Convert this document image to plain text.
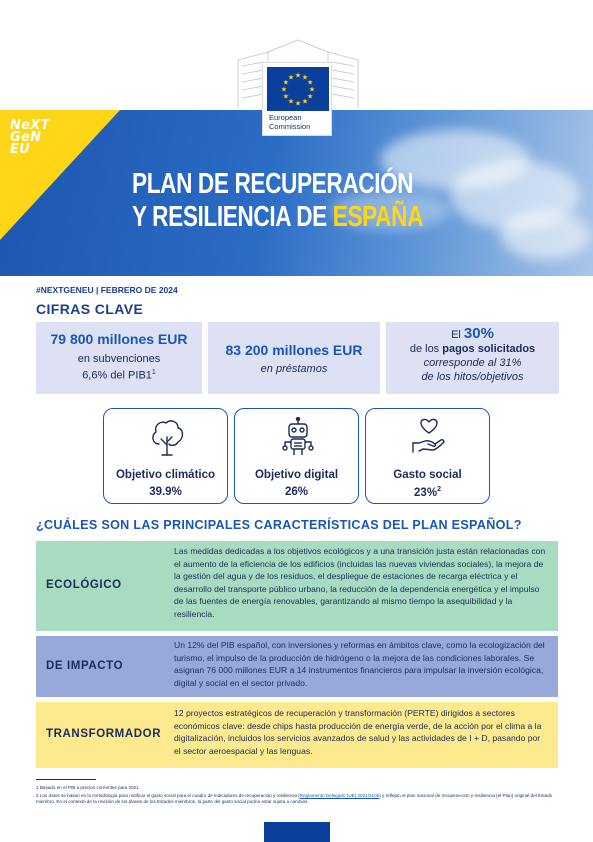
NeXT
GeN
EU
★
★
★
★
★
★
★
★
★ ★ ★
★
European
Commission
PLAN DE RECUPERACIÓN
Y RESILIENCIA DE ESPAÑA
#NEXTGENEU | FEBRERO DE 2024
CIFRAS CLAVE
79 800 millones EUR
en subvenciones
6,6% del $PIB1^1$
83 200 millones EUR
en préstamos
El 30%
de los pagos solicitados
corresponde al 31%
de los hitos/objetivos
Objetivo climático
39.9%
Objetivo digital
26%
Gasto social
23%$^2$
¿CUÁLES SON LAS PRINCIPALES CARACTERÍSTICAS DEL PLAN ESPAÑOL?
ECOLÓGICO
Las medidas dedicadas a los objetivos ecológicos y a una transición justa están relacionadas con el aumento de la eficiencia de los edificios (incluidas las nuevas viviendas sociales), la mejora de la gestión del agua y de los residuos, el despliegue de estaciones de recarga eléctrica y el desarrollo del transporte público urbano, la reducción de la dependencia energética y el impulso de las fuentes de energía renovables, garantizando al mismo tiempo la asequibilidad y la resiliencia.
DE IMPACTO
Un 12% del PIB español, con inversiones y reformas en ámbitos clave, como la ecologización del turismo, el impulso de la producción de hidrógeno o la mejora de las condiciones laborales. Se asignan 76 000 millones EUR a 14 instrumentos financieros para impulsar la inversión ecológica, digital y social en el sector privado.
TRANSFORMADOR
12 proyectos estratégicos de recuperación y transformación (PERTE) dirigidos a sectores económicos clave: desde chips hasta producción de energía verde, de la acción por el clima a la digitalización, incluidos los servicios avanzados de salud y las actividades de I + D, pasando por el sector aeroespacial y las lenguas.
1 Basado en el PIB a precios corrientes para 2021.
2 Los datos se basan en la metodología para notificar el gasto social para el cuadro de indicadores de recuperación y resiliencia (Reglamento Delegado (UE) 2021/2105) y reflejan el plan nacional de recupera-ción y resiliencia (el Plan) original del Estado miembro. En el contexto de la revisión de los planes de los Estados miembros, la parte del gasto social podría estar sujeta a cambios.
